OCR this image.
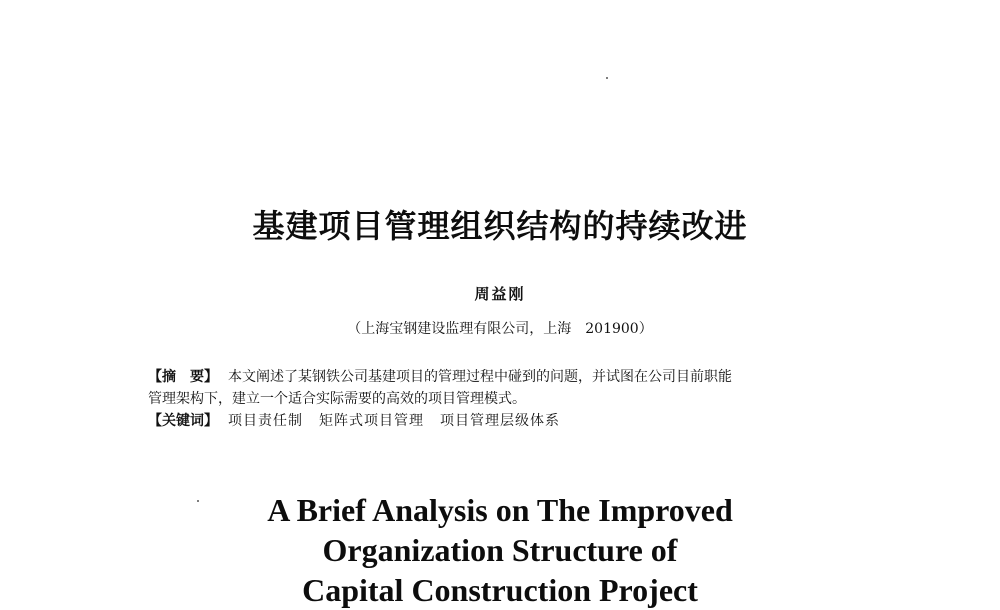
基建项目管理组织结构的持续改进
周益刚
（上海宝钢建设监理有限公司，上海　201900）
【摘　要】 本文阐述了某钢铁公司基建项目的管理过程中碰到的问题，并试图在公司目前职能
管理架构下，建立一个适合实际需要的高效的项目管理模式。
【关键词】 项目责任制 矩阵式项目管理 项目管理层级体系
A Brief Analysis on The Improved
Organization Structure of
Capital Construction Project
